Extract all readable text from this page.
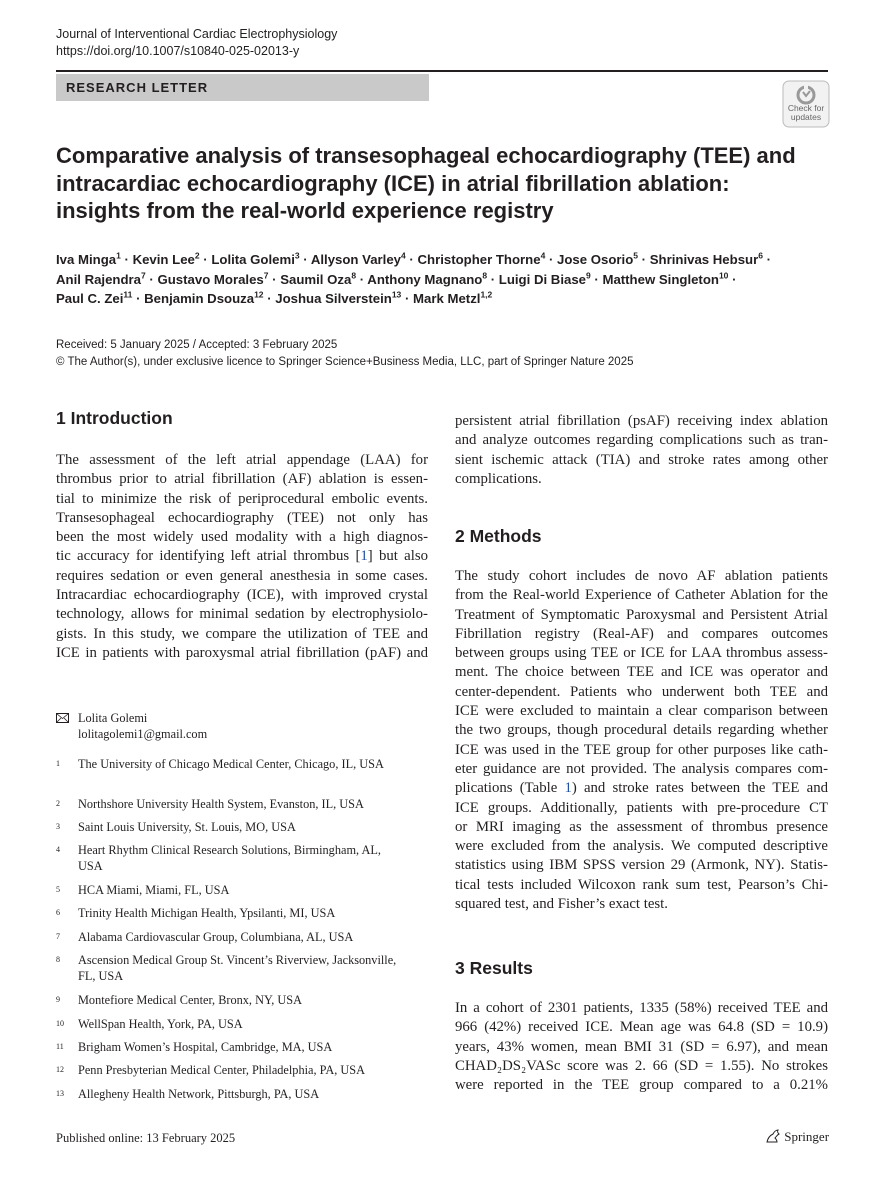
Journal of Interventional Cardiac Electrophysiology
https://doi.org/10.1007/s10840-025-02013-y
RESEARCH LETTER
Check for updates
Comparative analysis of transesophageal echocardiography (TEE) and intracardiac echocardiography (ICE) in atrial fibrillation ablation: insights from the real-world experience registry
Iva Minga$^1$ · Kevin Lee$^2$ · Lolita Golemi$^3$ · Allyson Varley$^4$ · Christopher Thorne$^4$ · Jose Osorio$^5$ · Shrinivas Hebsur$^6$ ·
Anil Rajendra$^7$ · Gustavo Morales$^7$ · Saumil Oza$^8$ · Anthony Magnano$^8$ · Luigi Di Biase$^9$ · Matthew Singleton$^{10}$ ·
Paul C. Zei$^{11}$ · Benjamin Dsouza$^{12}$ · Joshua Silverstein$^{13}$ · Mark Metzl$^{1,2}$
Received: 5 January 2025 / Accepted: 3 February 2025
© The Author(s), under exclusive licence to Springer Science+Business Media, LLC, part of Springer Nature 2025
1 Introduction
The assessment of the left atrial appendage (LAA) for
thrombus prior to atrial fibrillation (AF) ablation is essen-
tial to minimize the risk of periprocedural embolic events.
Transesophageal echocardiography (TEE) not only has
been the most widely used modality with a high diagnos-
tic accuracy for identifying left atrial thrombus [1] but also
requires sedation or even general anesthesia in some cases.
Intracardiac echocardiography (ICE), with improved crystal
technology, allows for minimal sedation by electrophysiolo-
gists. In this study, we compare the utilization of TEE and
ICE in patients with paroxysmal atrial fibrillation (pAF) and
Lolita Golemi
lolitagolemi1@gmail.com
1 The University of Chicago Medical Center, Chicago, IL, USA
2 Northshore University Health System, Evanston, IL, USA
3 Saint Louis University, St. Louis, MO, USA
4 Heart Rhythm Clinical Research Solutions, Birmingham, AL, USA
5 HCA Miami, Miami, FL, USA
6 Trinity Health Michigan Health, Ypsilanti, MI, USA
7 Alabama Cardiovascular Group, Columbiana, AL, USA
8 Ascension Medical Group St. Vincent’s Riverview, Jacksonville, FL, USA
9 Montefiore Medical Center, Bronx, NY, USA
10 WellSpan Health, York, PA, USA
11 Brigham Women’s Hospital, Cambridge, MA, USA
12 Penn Presbyterian Medical Center, Philadelphia, PA, USA
13 Allegheny Health Network, Pittsburgh, PA, USA
persistent atrial fibrillation (psAF) receiving index ablation
and analyze outcomes regarding complications such as tran-
sient ischemic attack (TIA) and stroke rates among other
complications.
2 Methods
The study cohort includes de novo AF ablation patients
from the Real-world Experience of Catheter Ablation for the
Treatment of Symptomatic Paroxysmal and Persistent Atrial
Fibrillation registry (Real-AF) and compares outcomes
between groups using TEE or ICE for LAA thrombus assess-
ment. The choice between TEE and ICE was operator and
center-dependent. Patients who underwent both TEE and
ICE were excluded to maintain a clear comparison between
the two groups, though procedural details regarding whether
ICE was used in the TEE group for other purposes like cath-
eter guidance are not provided. The analysis compares com-
plications (Table 1) and stroke rates between the TEE and
ICE groups. Additionally, patients with pre-procedure CT
or MRI imaging as the assessment of thrombus presence
were excluded from the analysis. We computed descriptive
statistics using IBM SPSS version 29 (Armonk, NY). Statis-
tical tests included Wilcoxon rank sum test, Pearson’s Chi-
squared test, and Fisher’s exact test.
3 Results
In a cohort of 2301 patients, 1335 (58%) received TEE and
966 (42%) received ICE. Mean age was 64.8 (SD = 10.9)
years, 43% women, mean BMI 31 (SD = 6.97), and mean
CHAD₂DS₂VASc score was 2. 66 (SD = 1.55). No strokes
were reported in the TEE group compared to a 0.21%
Published online: 13 February 2025	Springer
